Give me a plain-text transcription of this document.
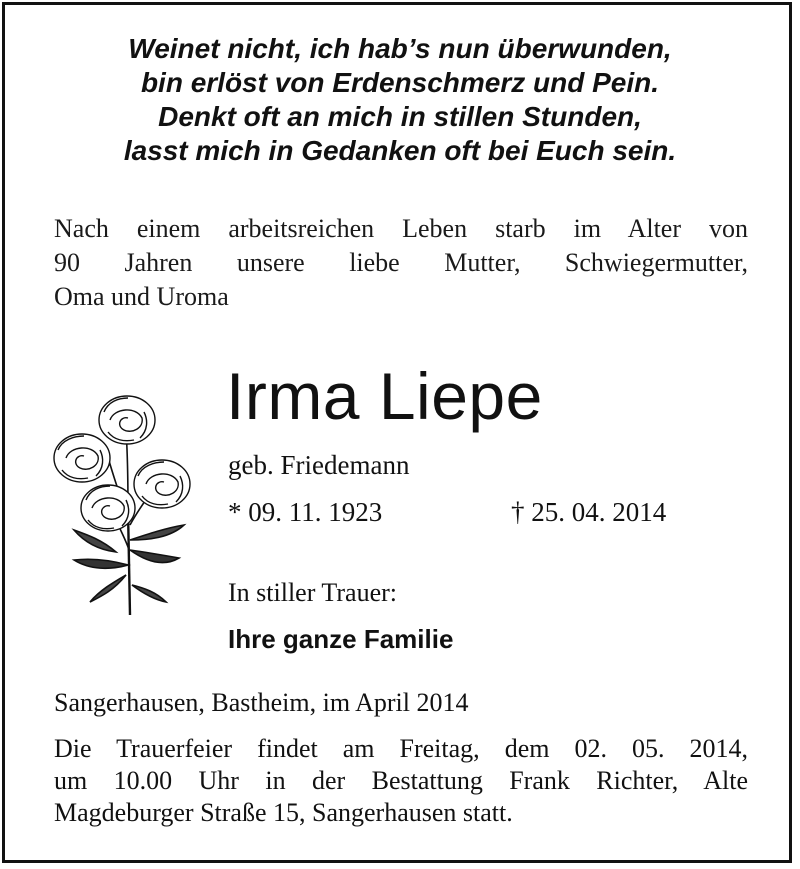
Weinet nicht, ich hab’s nun überwunden,
bin erlöst von Erdenschmerz und Pein.
Denkt oft an mich in stillen Stunden,
lasst mich in Gedanken oft bei Euch sein.
Nach einem arbeitsreichen Leben starb im Alter von
90 Jahren unsere liebe Mutter, Schwiegermutter,
Oma und Uroma
Irma Liepe
geb. Friedemann
* 09. 11. 1923	† 25. 04. 2014
In stiller Trauer:
Ihre ganze Familie
Sangerhausen, Bastheim, im April 2014
Die Trauerfeier findet am Freitag, dem 02. 05. 2014,
um 10.00 Uhr in der Bestattung Frank Richter, Alte
Magdeburger Straße 15, Sangerhausen statt.
